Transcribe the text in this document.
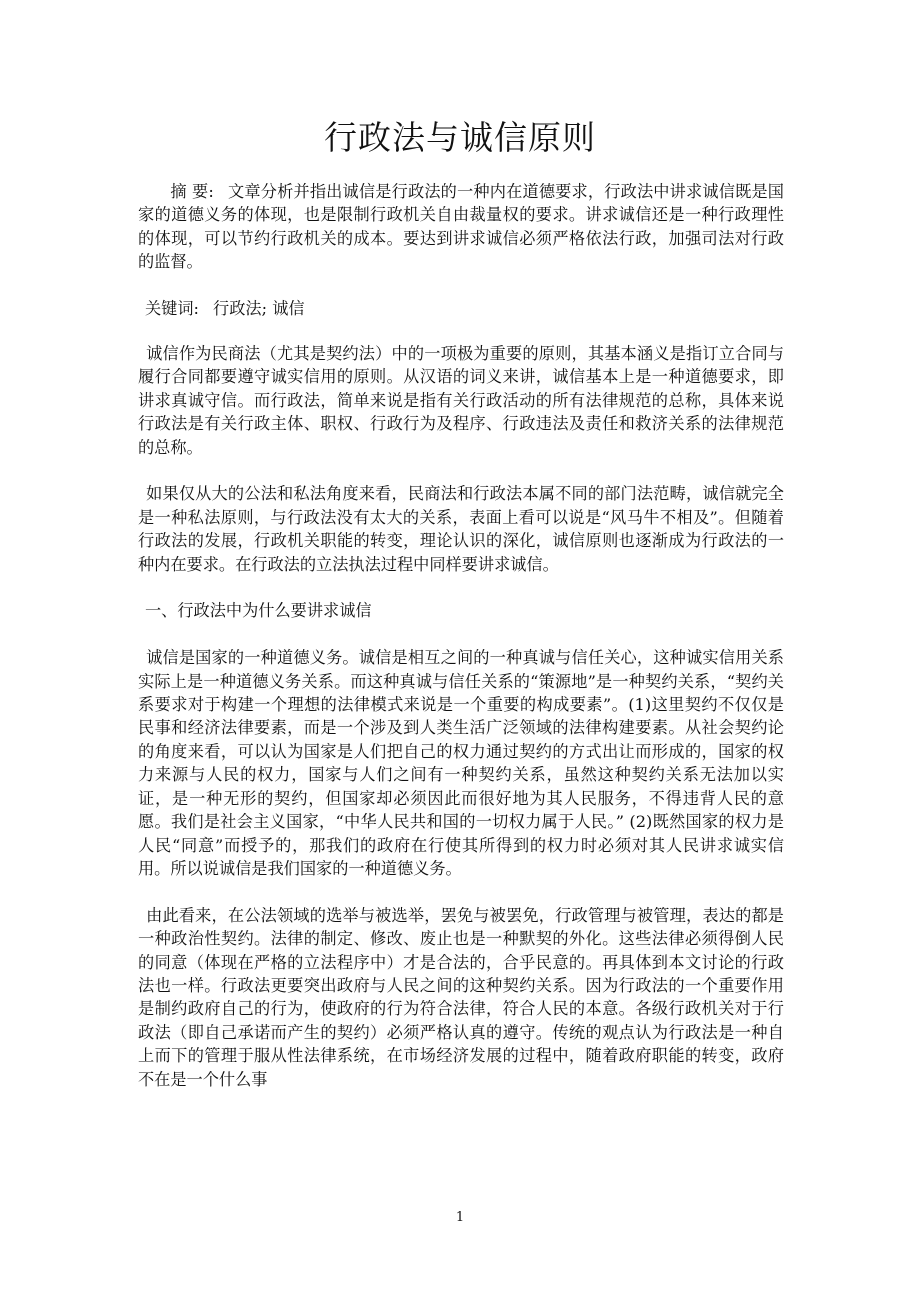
行政法与诚信原则

摘 要: 文章分析并指出诚信是行政法的一种内在道德要求，行政法中讲求诚信既是国家的道德义务的体现，也是限制行政机关自由裁量权的要求。讲求诚信还是一种行政理性的体现，可以节约行政机关的成本。要达到讲求诚信必须严格依法行政，加强司法对行政的监督。

关键词: 行政法; 诚信

诚信作为民商法（尤其是契约法）中的一项极为重要的原则，其基本涵义是指订立合同与履行合同都要遵守诚实信用的原则。从汉语的词义来讲，诚信基本上是一种道德要求，即讲求真诚守信。而行政法，简单来说是指有关行政活动的所有法律规范的总称，具体来说行政法是有关行政主体、职权、行政行为及程序、行政违法及责任和救济关系的法律规范的总称。

如果仅从大的公法和私法角度来看，民商法和行政法本属不同的部门法范畴，诚信就完全是一种私法原则，与行政法没有太大的关系，表面上看可以说是“风马牛不相及”。但随着行政法的发展，行政机关职能的转变，理论认识的深化，诚信原则也逐渐成为行政法的一种内在要求。在行政法的立法执法过程中同样要讲求诚信。

一、行政法中为什么要讲求诚信

诚信是国家的一种道德义务。诚信是相互之间的一种真诚与信任关心，这种诚实信用关系实际上是一种道德义务关系。而这种真诚与信任关系的“策源地”是一种契约关系，“契约关系要求对于构建一个理想的法律模式来说是一个重要的构成要素”。(1)这里契约不仅仅是民事和经济法律要素，而是一个涉及到人类生活广泛领域的法律构建要素。从社会契约论的角度来看，可以认为国家是人们把自己的权力通过契约的方式出让而形成的，国家的权力来源与人民的权力，国家与人们之间有一种契约关系，虽然这种契约关系无法加以实证，是一种无形的契约，但国家却必须因此而很好地为其人民服务，不得违背人民的意愿。我们是社会主义国家，“中华人民共和国的一切权力属于人民。” (2)既然国家的权力是人民“同意”而授予的，那我们的政府在行使其所得到的权力时必须对其人民讲求诚实信用。所以说诚信是我们国家的一种道德义务。

由此看来，在公法领域的选举与被选举，罢免与被罢免，行政管理与被管理，表达的都是一种政治性契约。法律的制定、修改、废止也是一种默契的外化。这些法律必须得倒人民的同意（体现在严格的立法程序中）才是合法的，合乎民意的。再具体到本文讨论的行政法也一样。行政法更要突出政府与人民之间的这种契约关系。因为行政法的一个重要作用是制约政府自己的行为，使政府的行为符合法律，符合人民的本意。各级行政机关对于行政法（即自己承诺而产生的契约）必须严格认真的遵守。传统的观点认为行政法是一种自上而下的管理于服从性法律系统，在市场经济发展的过程中，随着政府职能的转变，政府不在是一个什么事

1
